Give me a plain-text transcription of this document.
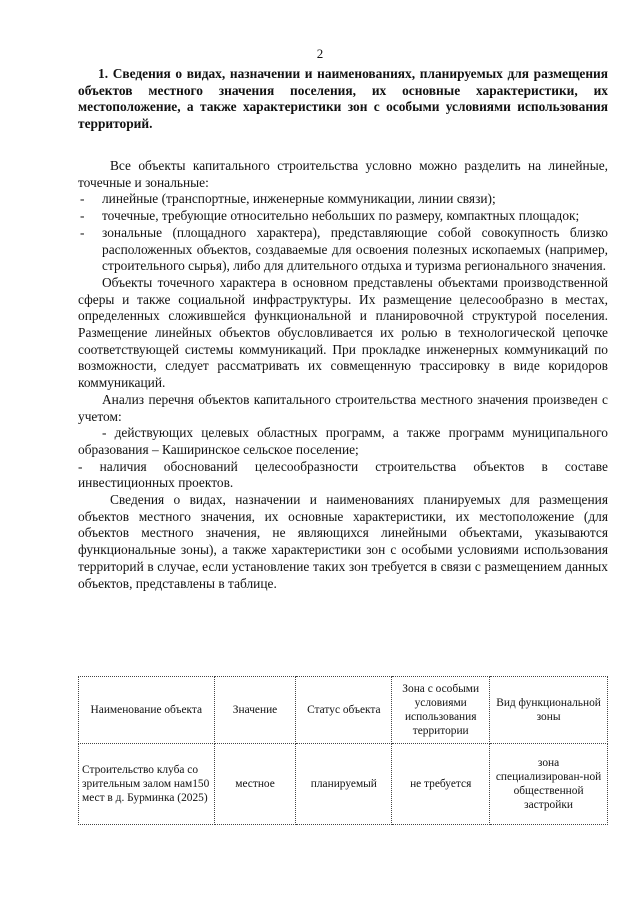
2
1. Сведения о видах, назначении и наименованиях, планируемых для размещения объектов местного значения поселения, их основные характеристики, их местоположение, а также характеристики зон с особыми условиями использования территорий.

Все объекты капитального строительства условно можно разделить на линейные, точечные и зональные:

-	линейные (транспортные, инженерные коммуникации, линии связи);
-	точечные, требующие относительно небольших по размеру, компактных площадок;
-	зональные (площадного характера), представляющие собой совокупность близко расположенных объектов, создаваемые для освоения полезных ископаемых (например, строительного сырья), либо для длительного отдыха и туризма регионального значения.

Объекты точечного характера в основном представлены объектами производственной сферы и также социальной инфраструктуры. Их размещение целесообразно в местах, определенных сложившейся функциональной и планировочной структурой поселения. Размещение линейных объектов обусловливается их ролью в технологической цепочке соответствующей системы коммуникаций. При прокладке инженерных коммуникаций по возможности, следует рассматривать их совмещенную трассировку в виде коридоров коммуникаций.

Анализ перечня объектов капитального строительства местного значения произведен с учетом:

- действующих целевых областных программ, а также программ муниципального образования – Каширинское сельское поселение;

- наличия обоснований целесообразности строительства объектов в составе инвестиционных проектов.

Сведения о видах, назначении и наименованиях планируемых для размещения объектов местного значения, их основные характеристики, их местоположение (для объектов местного значения, не являющихся линейными объектами, указываются функциональные зоны), а также характеристики зон с особыми условиями использования территорий в случае, если установление таких зон требуется в связи с размещением данных объектов, представлены в таблице.

Наименование объекта	Значение	Статус объекта	Зона с особыми условиями использования территории	Вид функциональной зоны
Строительство клуба со зрительным залом нам150 мест в д. Бурминка (2025)	местное	планируемый	не требуется	зона специализирован-ной общественной застройки
